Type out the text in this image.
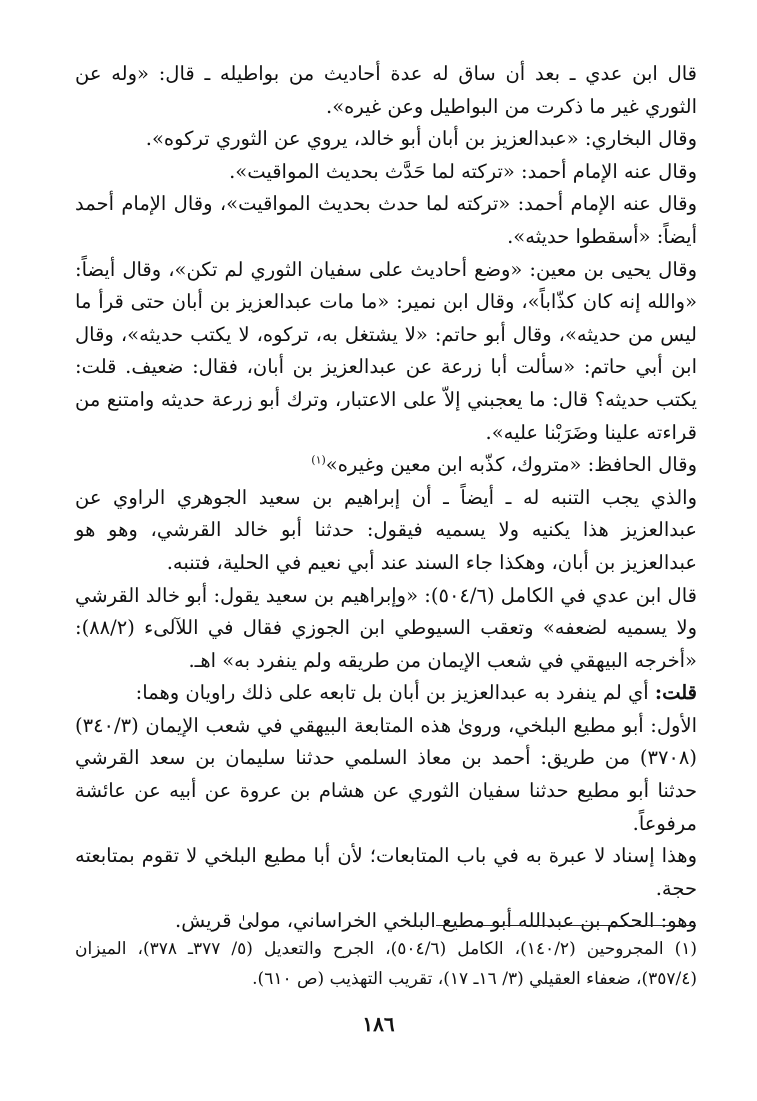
قال ابن عدي ـ بعد أن ساق له عدة أحاديث من بواطيله ـ قال: «وله عن الثوري غير ما ذكرت من البواطيل وعن غيره».

وقال البخاري: «عبدالعزيز بن أبان أبو خالد، يروي عن الثوري تركوه».

وقال عنه الإمام أحمد: «تركته لما حَدَّث بحديث المواقيت».

وقال عنه الإمام أحمد: «تركته لما حدث بحديث المواقيت»، وقال الإمام أحمد أيضاً: «أسقطوا حديثه».

وقال يحيى بن معين: «وضع أحاديث على سفيان الثوري لم تكن»، وقال أيضاً: «والله إنه كان كذّاباً»، وقال ابن نمير: «ما مات عبدالعزيز بن أبان حتى قرأ ما ليس من حديثه»، وقال أبو حاتم: «لا يشتغل به، تركوه، لا يكتب حديثه»، وقال ابن أبي حاتم: «سألت أبا زرعة عن عبدالعزيز بن أبان، فقال: ضعيف. قلت: يكتب حديثه؟ قال: ما يعجبني إلاّ على الاعتبار، وترك أبو زرعة حديثه وامتنع من قراءته علينا وضَرَبْنا عليه».

وقال الحافظ: «متروك، كذّبه ابن معين وغيره»$^{(١)}$

والذي يجب التنبه له ـ أيضاً ـ أن إبراهيم بن سعيد الجوهري الراوي عن عبدالعزيز هذا يكنيه ولا يسميه فيقول: حدثنا أبو خالد القرشي، وهو هو عبدالعزيز بن أبان، وهكذا جاء السند عند أبي نعيم في الحلية، فتنبه.

قال ابن عدي في الكامل (٥٠٤/٦): «وإبراهيم بن سعيد يقول: أبو خالد القرشي ولا يسميه لضعفه» وتعقب السيوطي ابن الجوزي فقال في اللآلىء (٨٨/٢): «أخرجه البيهقي في شعب الإيمان من طريقه ولم ينفرد به» اهـ.

قلت: أي لم ينفرد به عبدالعزيز بن أبان بل تابعه على ذلك راويان وهما:

الأول: أبو مطيع البلخي، وروىٰ هذه المتابعة البيهقي في شعب الإيمان (٣٤٠/٣) (٣٧٠٨) من طريق: أحمد بن معاذ السلمي حدثنا سليمان بن سعد القرشي حدثنا أبو مطيع حدثنا سفيان الثوري عن هشام بن عروة عن أبيه عن عائشة مرفوعاً.

وهذا إسناد لا عبرة به في باب المتابعات؛ لأن أبا مطيع البلخي لا تقوم بمتابعته حجة.

وهو: الحكم بن عبدالله أبو مطيع البلخي الخراساني، مولىٰ قريش.

(١) المجروحين (١٤٠/٢)، الكامل (٥٠٤/٦)، الجرح والتعديل (٥/ ٣٧٧ـ ٣٧٨)، الميزان (٣٥٧/٤)، ضعفاء العقيلي (٣/ ١٦ـ ١٧)، تقريب التهذيب (ص ٦١٠).

١٨٦
